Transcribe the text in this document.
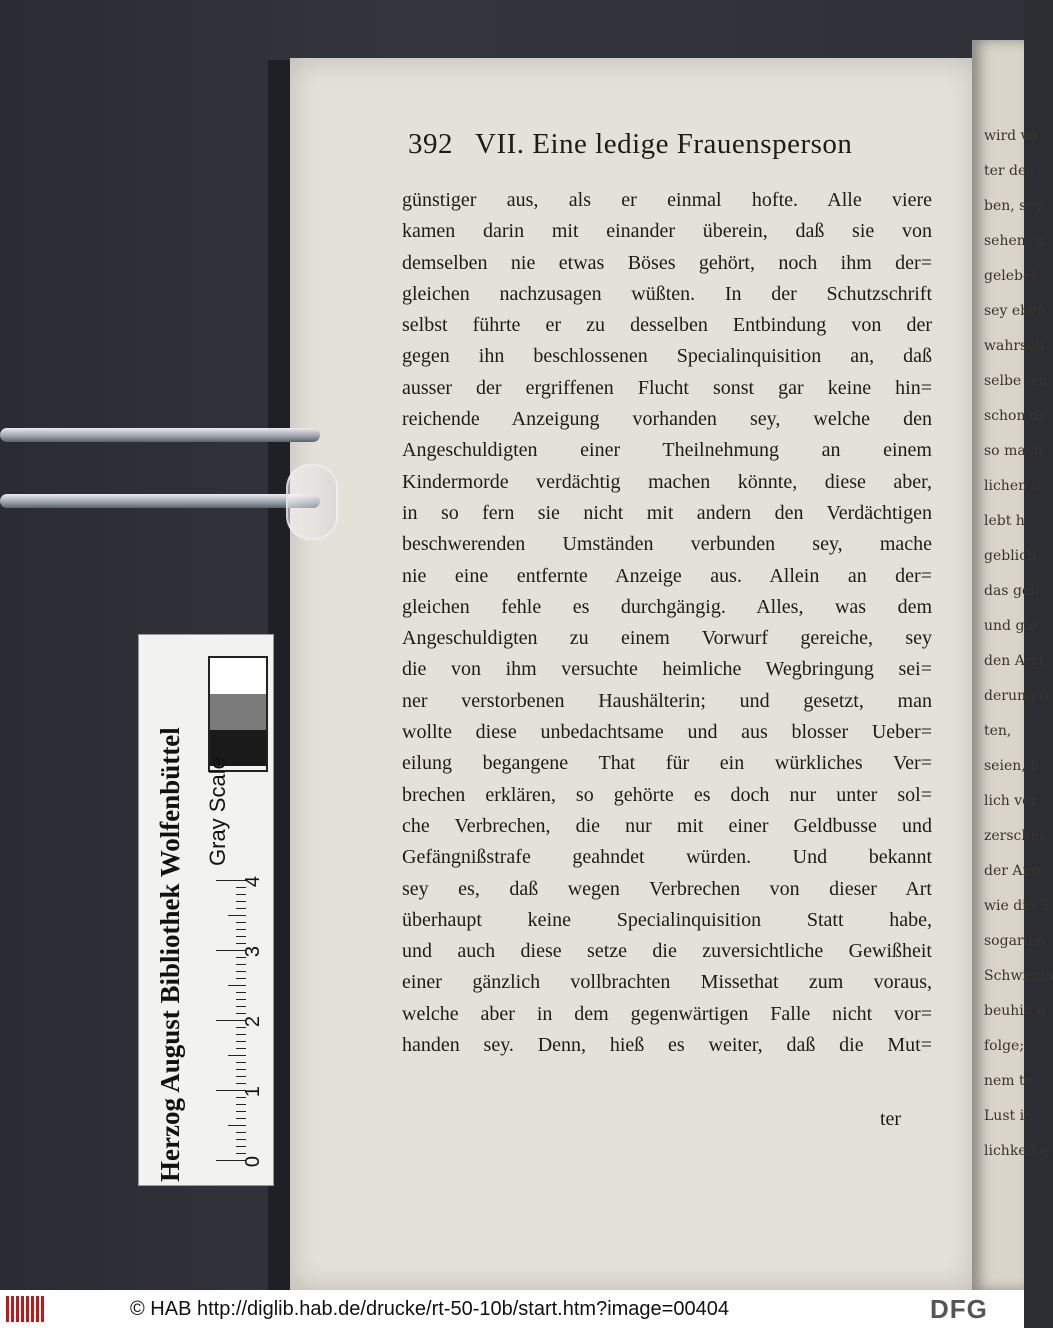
wird vo
ter des
ben, sey
sehen, u
gelebet,
sey eben
wahrsch
selbe ein
schon de
so mach
lichen S
lebt h
geblich
das geb
und gle
den Arzt
derung d
ten,
seien, b
lich ver
zerschni
der Ang
wie die S
sogar no
Schwimm
beuhig o
folge;
nem to
Lust in
lichkeit g
392 VII. Eine ledige Frauensperson
günstiger aus, als er einmal hofte. Alle viere
kamen darin mit einander überein, daß sie von
demselben nie etwas Böses gehört, noch ihm der=
gleichen nachzusagen wüßten. In der Schutzschrift
selbst führte er zu desselben Entbindung von der
gegen ihn beschlossenen Specialinquisition an, daß
ausser der ergriffenen Flucht sonst gar keine hin=
reichende Anzeigung vorhanden sey, welche den
Angeschuldigten einer Theilnehmung an einem
Kindermorde verdächtig machen könnte, diese aber,
in so fern sie nicht mit andern den Verdächtigen
beschwerenden Umständen verbunden sey, mache
nie eine entfernte Anzeige aus. Allein an der=
gleichen fehle es durchgängig. Alles, was dem
Angeschuldigten zu einem Vorwurf gereiche, sey
die von ihm versuchte heimliche Wegbringung sei=
ner verstorbenen Haushälterin; und gesetzt, man
wollte diese unbedachtsame und aus blosser Ueber=
eilung begangene That für ein würkliches Ver=
brechen erklären, so gehörte es doch nur unter sol=
che Verbrechen, die nur mit einer Geldbusse und
Gefängnißstrafe geahndet würden. Und bekannt
sey es, daß wegen Verbrechen von dieser Art
überhaupt keine Specialinquisition Statt habe,
und auch diese setze die zuversichtliche Gewißheit
einer gänzlich vollbrachten Missethat zum voraus,
welche aber in dem gegenwärtigen Falle nicht vor=
handen sey. Denn, hieß es weiter, daß die Mut=
ter
Herzog August Bibliothek Wolfenbüttel Gray Scale
© HAB http://diglib.hab.de/drucke/rt-50-10b/start.htm?image=00404	DFG
0
1
2
3
4
